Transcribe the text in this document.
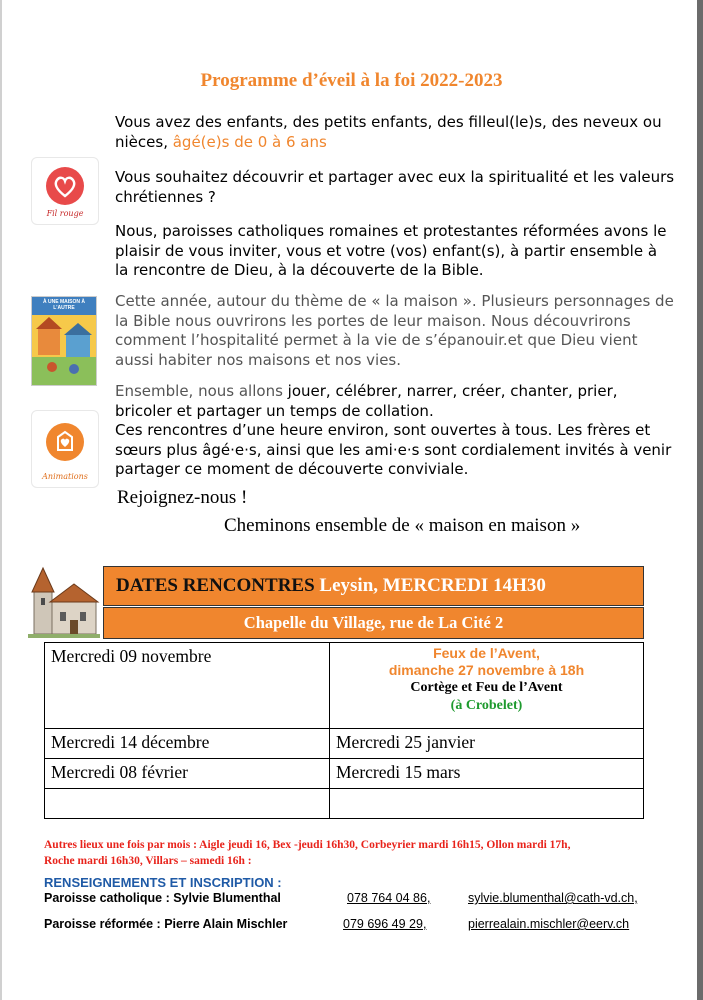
Programme d’éveil à la foi 2022-2023
Fil rouge
Vous avez des enfants, des petits enfants, des filleul(le)s, des neveux ou
nièces, âgé(e)s de 0 à 6 ans
Vous souhaitez découvrir et partager avec eux la spiritualité et les valeurs
chrétiennes ?
Nous, paroisses catholiques romaines et protestantes réformées avons le
plaisir de vous inviter, vous et votre (vos) enfant(s), à partir ensemble à
la rencontre de Dieu, à la découverte de la Bible.
À UNE MAISON À L’AUTRE	Cette année, autour du thème de « la maison ». Plusieurs personnages de
la Bible nous ouvrirons les portes de leur maison. Nous découvrirons
comment l’hospitalité permet à la vie de s’épanouir.et que Dieu vient
aussi habiter nos maisons et nos vies.
Animations
Ensemble, nous allons jouer, célébrer, narrer, créer, chanter, prier,
bricoler et partager un temps de collation.
Ces rencontres d’une heure environ, sont ouvertes à tous. Les frères et
sœurs plus âgé·e·s, ainsi que les ami·e·s sont cordialement invités à venir
partager ce moment de découverte conviviale.
Rejoignez-nous !
Cheminons ensemble de « maison en maison »
DATES RENCONTRES Leysin, MERCREDI 14H30
Chapelle du Village, rue de La Cité 2
Mercredi 09 novembre	Feux de l’Avent,
dimanche 27 novembre à 18h
Cortège et Feu de l’Avent
(à Crobelet)

Mercredi 14 décembre	Mercredi 25 janvier
Mercredi 08 février	Mercredi 15 mars

Autres lieux une fois par mois : Aigle jeudi 16, Bex -jeudi 16h30, Corbeyrier mardi 16h15, Ollon mardi 17h,
Roche mardi 16h30, Villars – samedi 16h :
RENSEIGNEMENTS ET INSCRIPTION :
Paroisse catholique : Sylvie Blumenthal	078 764 04 86,	sylvie.blumenthal@cath-vd.ch,
Paroisse réformée : Pierre Alain Mischler	079 696 49 29,	pierrealain.mischler@eerv.ch
